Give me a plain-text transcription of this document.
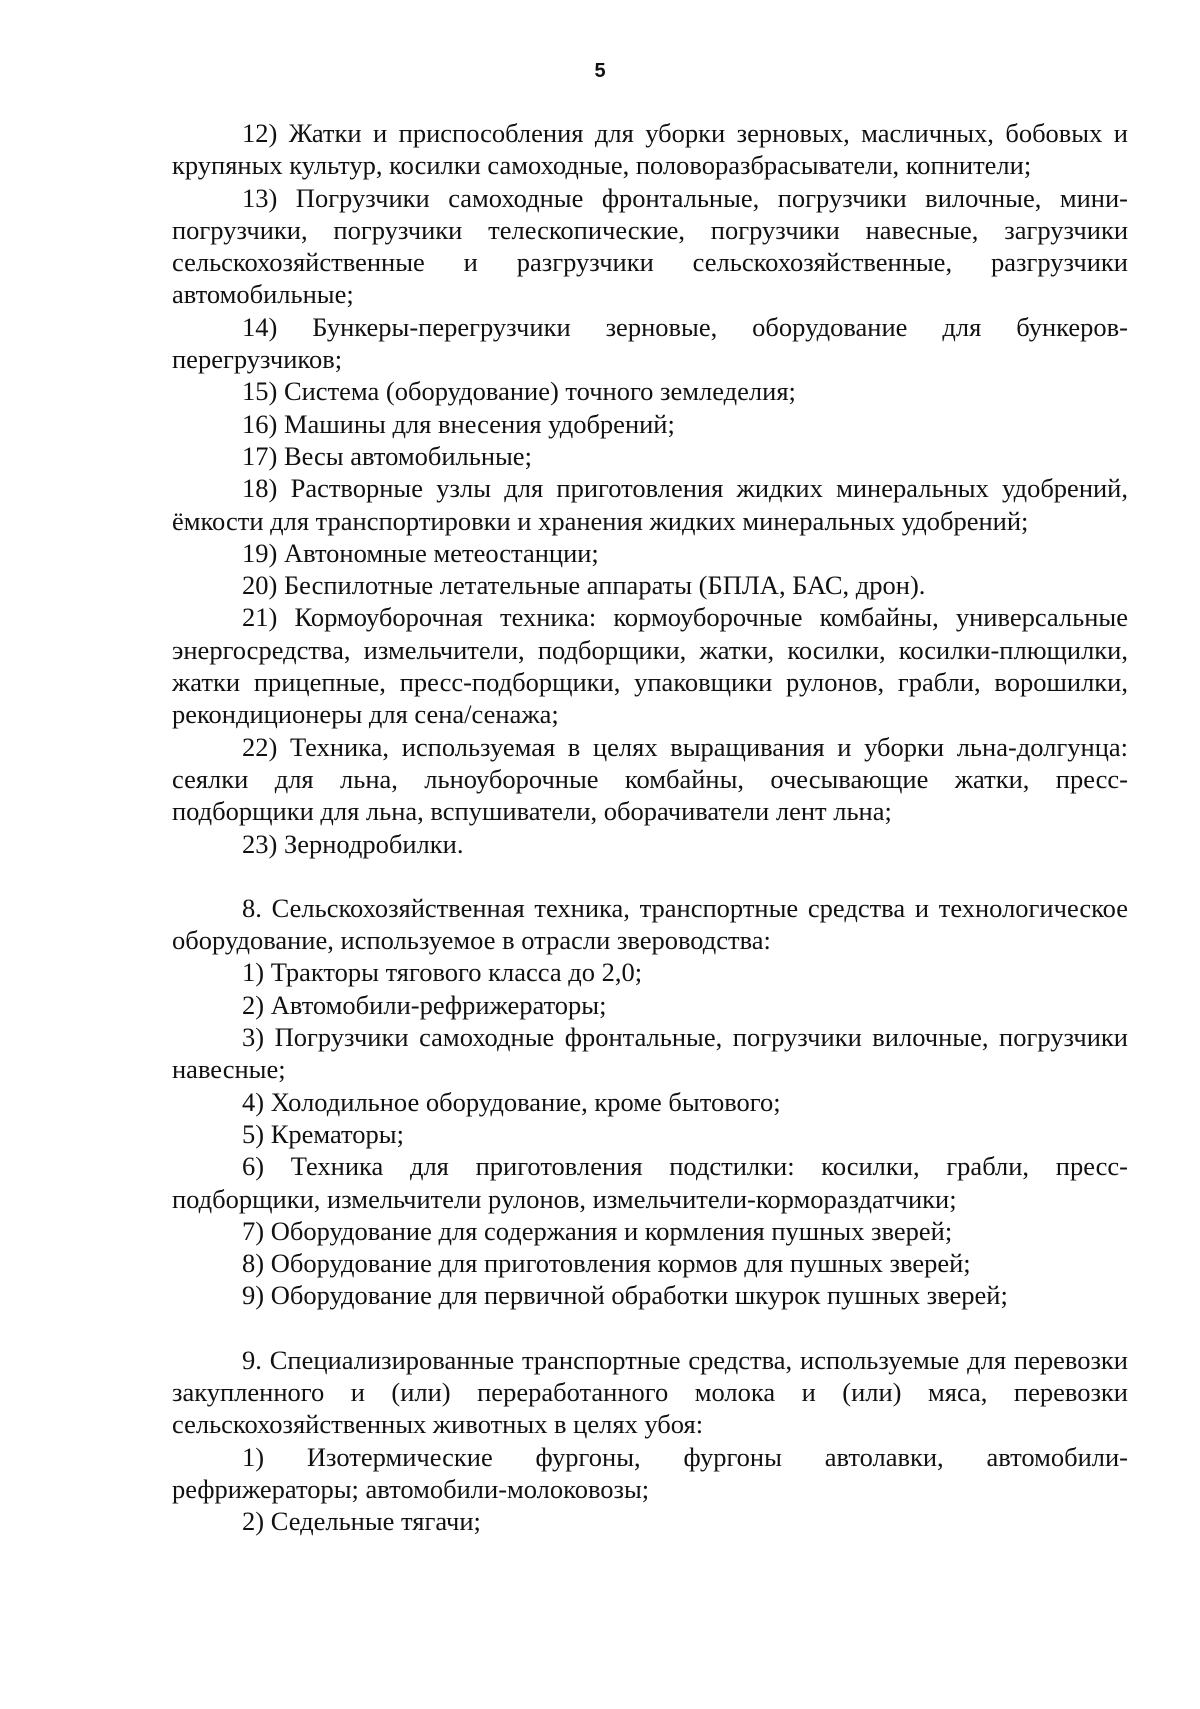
5

12) Жатки и приспособления для уборки зерновых, масличных, бобовых и крупяных культур, косилки самоходные, половоразбрасыватели, копнители;

13) Погрузчики самоходные фронтальные, погрузчики вилочные, мини-погрузчики, погрузчики телескопические, погрузчики навесные, загрузчики сельскохозяйственные и разгрузчики сельскохозяйственные, разгрузчики автомобильные;

14) Бункеры-перегрузчики зерновые, оборудование для бункеров-перегрузчиков;

15) Система (оборудование) точного земледелия;

16) Машины для внесения удобрений;

17) Весы автомобильные;

18) Растворные узлы для приготовления жидких минеральных удобрений, ёмкости для транспортировки и хранения жидких минеральных удобрений;

19) Автономные метеостанции;

20) Беспилотные летательные аппараты (БПЛА, БАС, дрон).

21) Кормоуборочная техника: кормоуборочные комбайны, универсальные энергосредства, измельчители, подборщики, жатки, косилки, косилки-плющилки, жатки прицепные, пресс-подборщики, упаковщики рулонов, грабли, ворошилки, рекондиционеры для сена/сенажа;

22) Техника, используемая в целях выращивания и уборки льна-долгунца: сеялки для льна, льноуборочные комбайны, очесывающие жатки, пресс-подборщики для льна, вспушиватели, оборачиватели лент льна;

23) Зернодробилки.

8. Сельскохозяйственная техника, транспортные средства и технологическое оборудование, используемое в отрасли звероводства:

1) Тракторы тягового класса до 2,0;

2) Автомобили-рефрижераторы;

3) Погрузчики самоходные фронтальные, погрузчики вилочные, погрузчики навесные;

4) Холодильное оборудование, кроме бытового;

5) Крематоры;

6) Техника для приготовления подстилки: косилки, грабли, пресс-подборщики, измельчители рулонов, измельчители-кормораздатчики;

7) Оборудование для содержания и кормления пушных зверей;

8) Оборудование для приготовления кормов для пушных зверей;

9) Оборудование для первичной обработки шкурок пушных зверей;

9. Специализированные транспортные средства, используемые для перевозки закупленного и (или) переработанного молока и (или) мяса, перевозки сельскохозяйственных животных в целях убоя:

1) Изотермические фургоны, фургоны автолавки, автомобили-рефрижераторы; автомобили-молоковозы;

2) Седельные тягачи;
